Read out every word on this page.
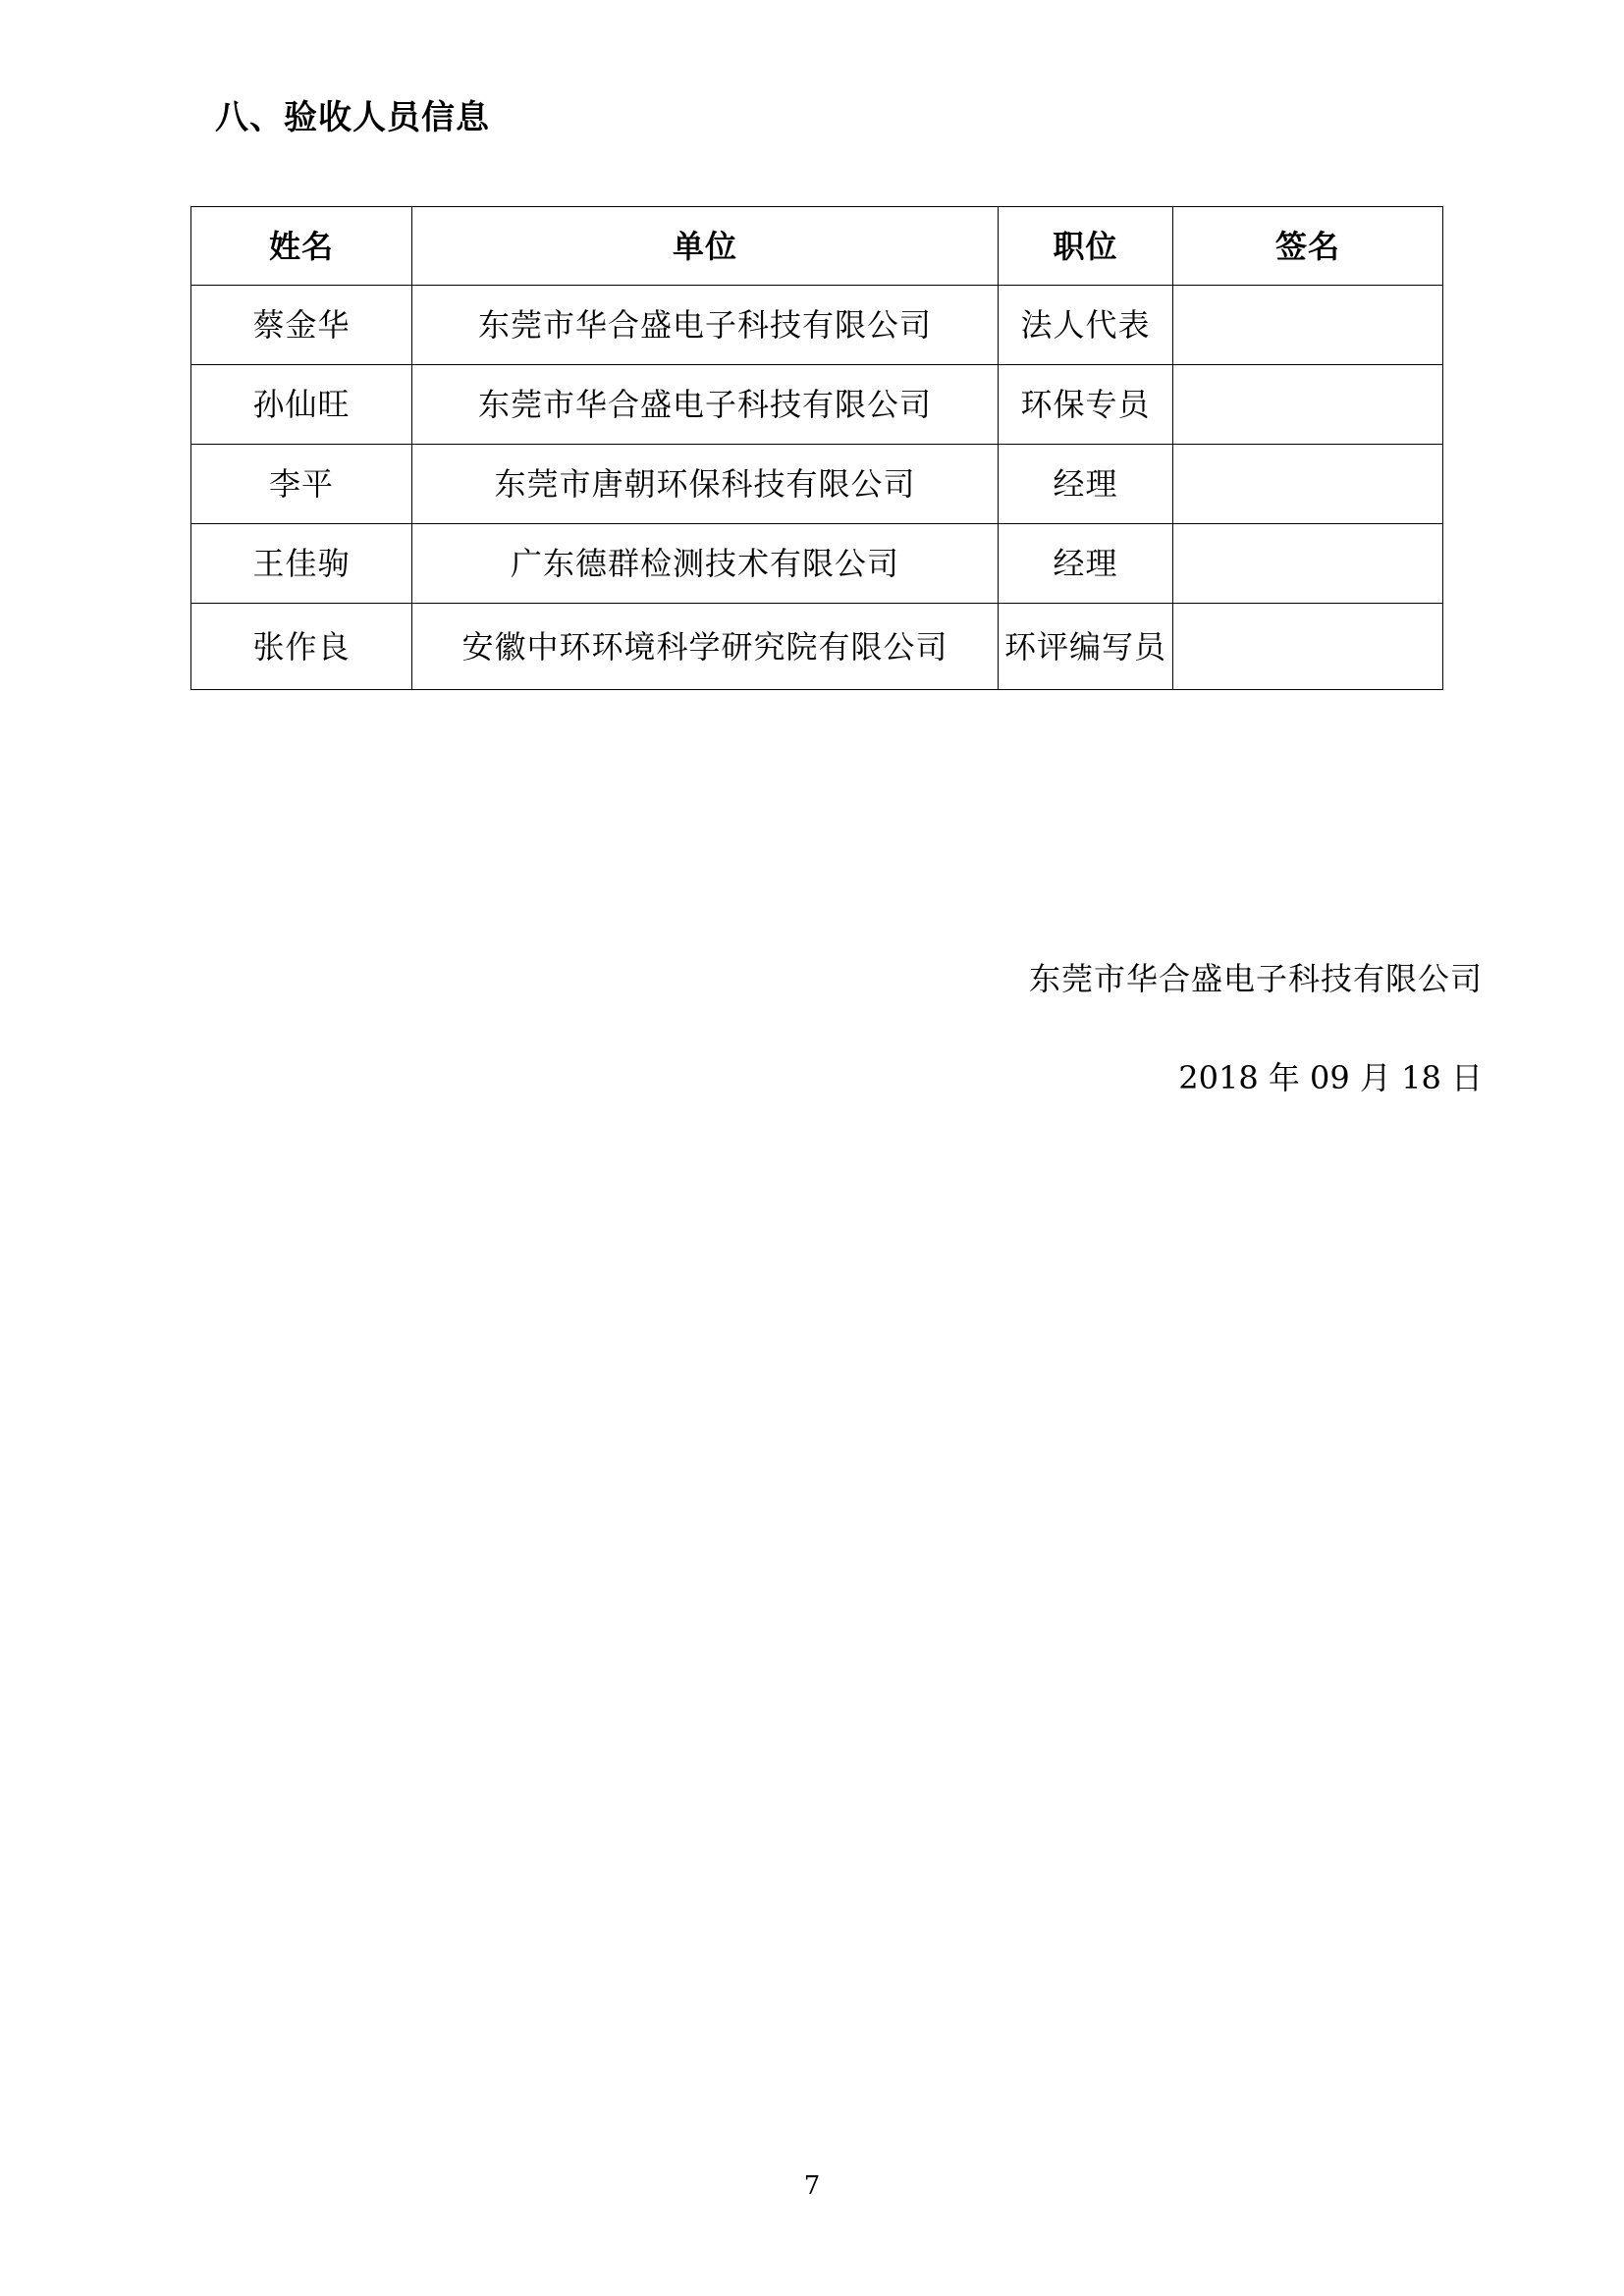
八、验收人员信息
姓名	单位	职位	签名
蔡金华	东莞市华合盛电子科技有限公司	法人代表	
孙仙旺	东莞市华合盛电子科技有限公司	环保专员	
李平	东莞市唐朝环保科技有限公司	经理	
王佳驹	广东德群检测技术有限公司	经理	
张作良	安徽中环环境科学研究院有限公司	环评编写员	
东莞市华合盛电子科技有限公司
2018 年 09 月 18 日
7
